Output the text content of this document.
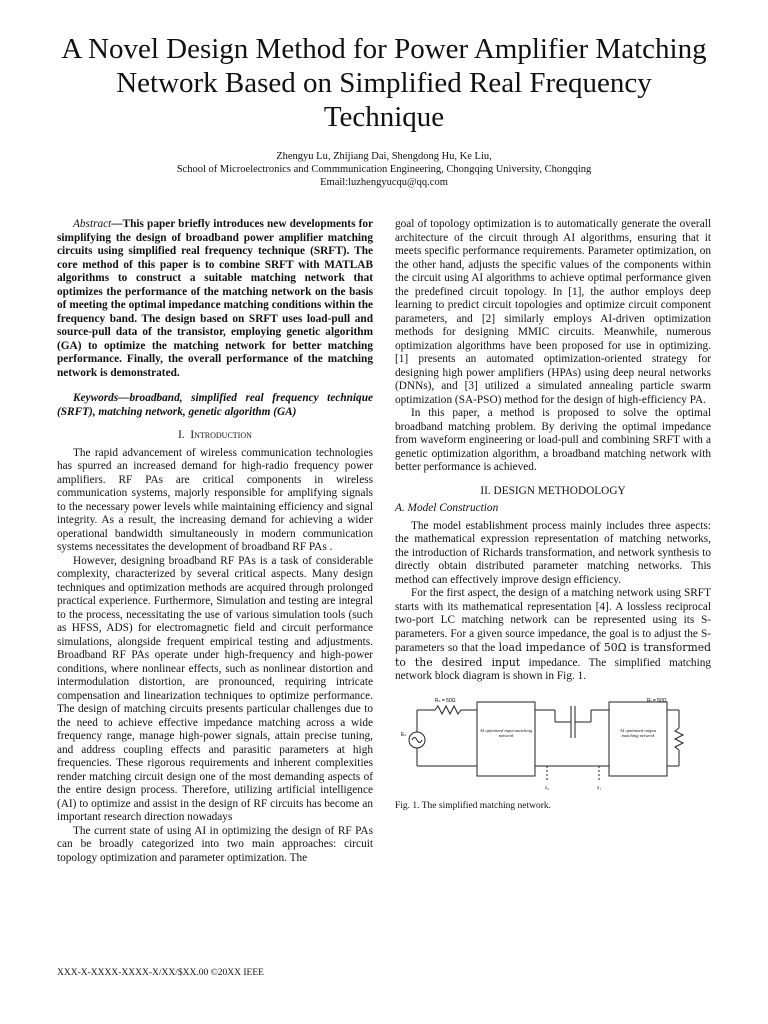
A Novel Design Method for Power Amplifier Matching Network Based on Simplified Real Frequency Technique
Zhengyu Lu, Zhijiang Dai, Shengdong Hu, Ke Liu,
School of Microelectronics and Commmunication Engineering, Chongqing University, Chongqing
Email:luzhengyucqu@qq.com

Abstract—This paper briefly introduces new developments for simplifying the design of broadband power amplifier matching circuits using simplified real frequency technique (SRFT). The core method of this paper is to combine SRFT with MATLAB algorithms to construct a suitable matching network that optimizes the performance of the matching network on the basis of meeting the optimal impedance matching conditions within the frequency band. The design based on SRFT uses load-pull and source-pull data of the transistor, employing genetic algorithm (GA) to optimize the matching network for better matching performance. Finally, the overall performance of the matching network is demonstrated.

Keywords—broadband, simplified real frequency technique (SRFT), matching network, genetic algorithm (GA)

I. Introduction

The rapid advancement of wireless communication technologies has spurred an increased demand for high-radio frequency power amplifiers. RF PAs are critical components in wireless communication systems, majorly responsible for amplifying signals to the necessary power levels while maintaining efficiency and signal integrity. As a result, the increasing demand for achieving a wider operational bandwidth simultaneously in modern communication systems necessitates the development of broadband RF PAs .

However, designing broadband RF PAs is a task of considerable complexity, characterized by several critical aspects. Many design techniques and optimization methods are acquired through prolonged practical experience. Furthermore, Simulation and testing are integral to the process, necessitating the use of various simulation tools (such as HFSS, ADS) for electromagnetic field and circuit performance simulations, alongside frequent empirical testing and adjustments. Broadband RF PAs operate under high-frequency and high-power conditions, where nonlinear effects, such as nonlinear distortion and intermodulation distortion, are pronounced, requiring intricate compensation and linearization techniques to optimize performance. The design of matching circuits presents particular challenges due to the need to achieve effective impedance matching across a wide frequency range, manage high-power signals, attain precise tuning, and address coupling effects and parasitic parameters at high frequencies. These rigorous requirements and inherent complexities render matching circuit design one of the most demanding aspects of the entire design process. Therefore, utilizing artificial intelligence (AI) to optimize and assist in the design of RF circuits has become an important research direction nowadays

The current state of using AI in optimizing the design of RF PAs can be broadly categorized into two main approaches: circuit topology optimization and parameter optimization. The

goal of topology optimization is to automatically generate the overall architecture of the circuit through AI algorithms, ensuring that it meets specific performance requirements. Parameter optimization, on the other hand, adjusts the specific values of the components within the circuit using AI algorithms to achieve optimal performance given the predefined circuit topology. In [1], the author employs deep learning to predict circuit topologies and optimize circuit component parameters, and [2] similarly employs AI-driven optimization methods for designing MMIC circuits. Meanwhile, numerous optimization algorithms have been proposed for use in optimizing. [1] presents an automated optimization-oriented strategy for designing high power amplifiers (HPAs) using deep neural networks (DNNs), and [3] utilized a simulated annealing particle swarm optimization (SA-PSO) method for the design of high-efficiency PA.

In this paper, a method is proposed to solve the optimal broadband matching problem. By deriving the optimal impedance from waveform engineering or load-pull and combining SRFT with a genetic optimization algorithm, a broadband matching network with better performance is achieved.

II. DESIGN METHODOLOGY
A. Model Construction

The model establishment process mainly includes three aspects: the mathematical expression representation of matching networks, the introduction of Richards transformation, and network synthesis to directly obtain distributed parameter matching networks. This method can effectively improve design efficiency.

For the first aspect, the design of a matching network using SRFT starts with its mathematical representation [4]. A lossless reciprocal two-port LC matching network can be represented using its S-parameters. For a given source impedance, the goal is to adjust the S-parameters so that the load impedance of 50Ω is transformed to the desired input impedance. The simplified matching network block diagram is shown in Fig. 1.

Rₛ = 50Ω	Rₗ = 50Ω
Eₛ
AI optimized input matching network
AI optimized output matching network
z₂	z₁
Fig. 1. The simplified matching network.
XXX-X-XXXX-XXXX-X/XX/$XX.00 ©20XX IEEE
